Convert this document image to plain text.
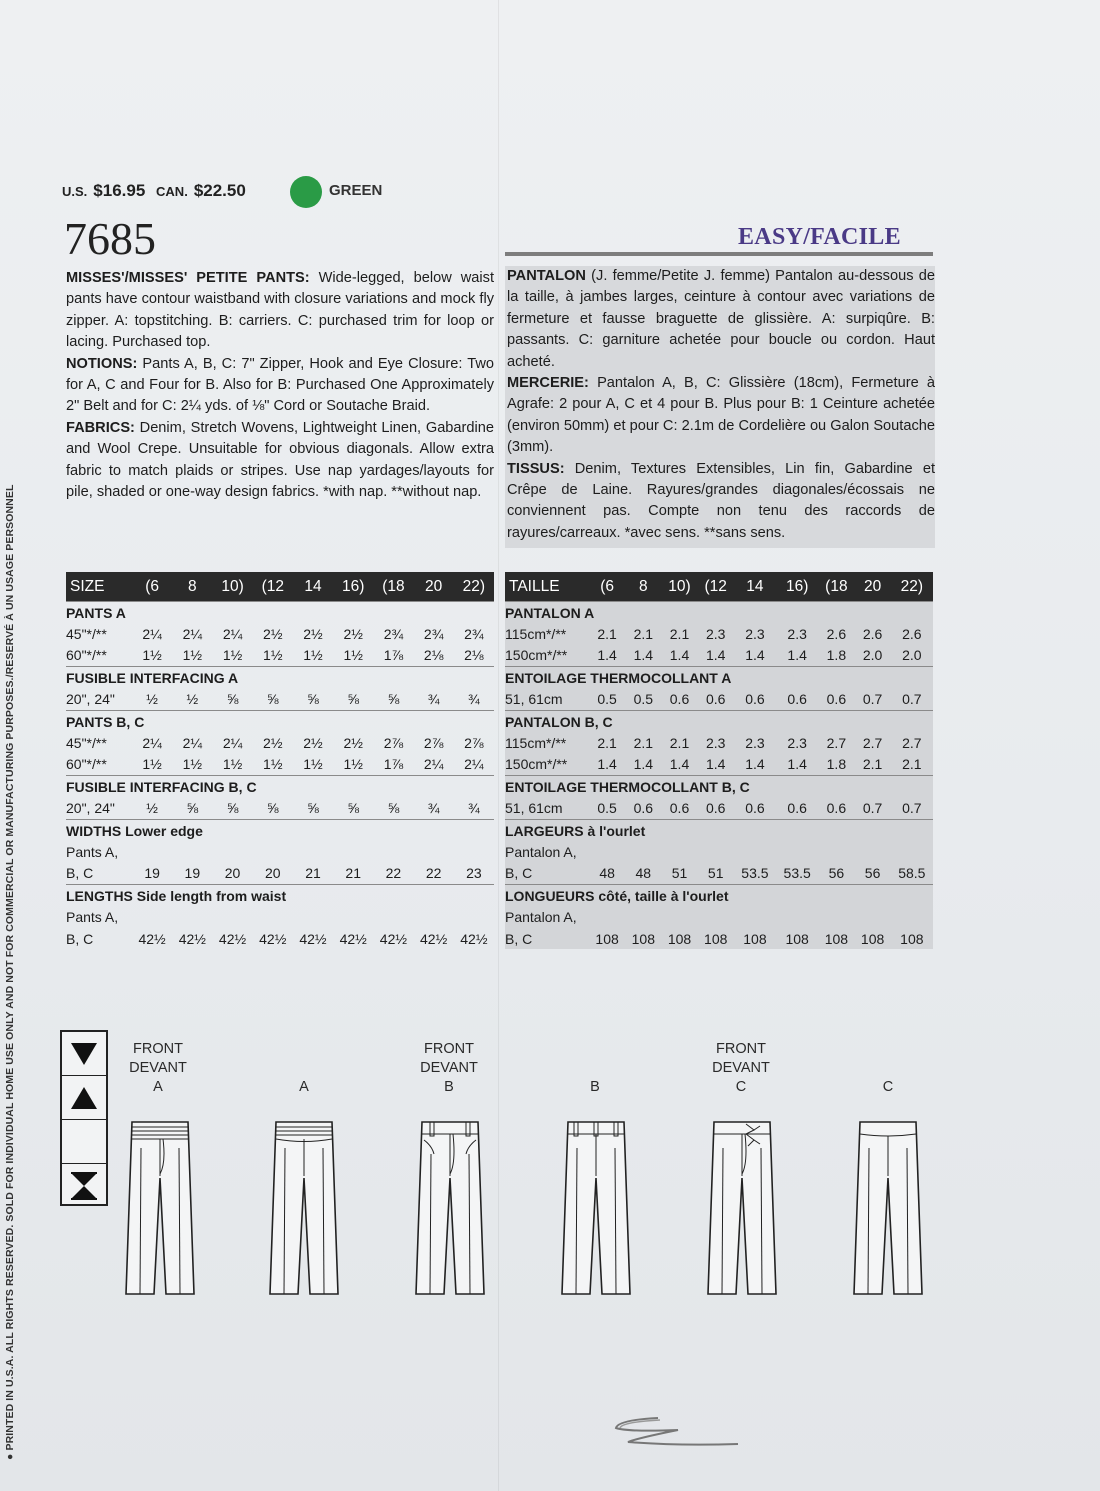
● PRINTED IN U.S.A. ALL RIGHTS RESERVED. SOLD FOR INDIVIDUAL HOME USE ONLY AND NOT FOR COMMERCIAL OR MANUFACTURING PURPOSES./RESERVÉ À UN USAGE PERSONNEL
U.S. $16.95 CAN. $22.50	GREEN
7685	EASY/FACILE

MISSES'/MISSES' PETITE PANTS: Wide-legged, below waist pants have contour waistband with closure variations and mock fly zipper. A: topstitching. B: carriers. C: purchased trim for loop or lacing. Purchased top.

NOTIONS: Pants A, B, C: 7" Zipper, Hook and Eye Closure: Two for A, C and Four for B. Also for B: Purchased One Approximately 2" Belt and for C: 2¼ yds. of ⅛" Cord or Soutache Braid.

FABRICS: Denim, Stretch Wovens, Lightweight Linen, Gabardine and Wool Crepe. Unsuitable for obvious diagonals. Allow extra fabric to match plaids or stripes. Use nap yardages/layouts for pile, shaded or one-way design fabrics. *with nap. **without nap.

PANTALON (J. femme/Petite J. femme) Pantalon au-dessous de la taille, à jambes larges, ceinture à contour avec variations de fermeture et fausse braguette de glissière. A: surpiqûre. B: passants. C: garniture achetée pour boucle ou cordon. Haut acheté.

MERCERIE: Pantalon A, B, C: Glissière (18cm), Fermeture à Agrafe: 2 pour A, C et 4 pour B. Plus pour B: 1 Ceinture achetée (environ 50mm) et pour C: 2.1m de Cordelière ou Galon Soutache (3mm).

TISSUS: Denim, Textures Extensibles, Lin fin, Gabardine et Crêpe de Laine. Rayures/grandes diagonales/écossais ne conviennent pas. Compte non tenu des raccords de rayures/carreaux. *avec sens. **sans sens.

SIZE	(6	8	10)	(12	14	16)	(18	20	22)
PANTS A									
45"*/**	2¼	2¼	2¼	2½	2½	2½	2¾	2¾	2¾
60"*/**	1½	1½	1½	1½	1½	1½	1⅞	2⅛	2⅛
FUSIBLE INTERFACING A									
20", 24"	½	½	⅝	⅝	⅝	⅝	⅝	¾	¾
PANTS B, C									
45"*/**	2¼	2¼	2¼	2½	2½	2½	2⅞	2⅞	2⅞
60"*/**	1½	1½	1½	1½	1½	1½	1⅞	2¼	2¼
FUSIBLE INTERFACING B, C									
20", 24"	½	⅝	⅝	⅝	⅝	⅝	⅝	¾	¾
WIDTHS Lower edge									
Pants A,									
B, C	19	19	20	20	21	21	22	22	23
LENGTHS Side length from waist									
Pants A,									
B, C	42½	42½	42½	42½	42½	42½	42½	42½	42½
TAILLE	(6	8	10)	(12	14	16)	(18	20	22)
PANTALON A									
115cm*/**	2.1	2.1	2.1	2.3	2.3	2.3	2.6	2.6	2.6
150cm*/**	1.4	1.4	1.4	1.4	1.4	1.4	1.8	2.0	2.0
ENTOILAGE THERMOCOLLANT A									
51, 61cm	0.5	0.5	0.6	0.6	0.6	0.6	0.6	0.7	0.7
PANTALON B, C									
115cm*/**	2.1	2.1	2.1	2.3	2.3	2.3	2.7	2.7	2.7
150cm*/**	1.4	1.4	1.4	1.4	1.4	1.4	1.8	2.1	2.1
ENTOILAGE THERMOCOLLANT B, C									
51, 61cm	0.5	0.6	0.6	0.6	0.6	0.6	0.6	0.7	0.7
LARGEURS à l'ourlet									
Pantalon A,									
B, C	48	48	51	51	53.5	53.5	56	56	58.5
LONGUEURS côté, taille à l'ourlet									
Pantalon A,									
B, C	108	108	108	108	108	108	108	108	108
FRONT
DEVANT
A	A
FRONT
DEVANT
B	B
FRONT
DEVANT
C	C
